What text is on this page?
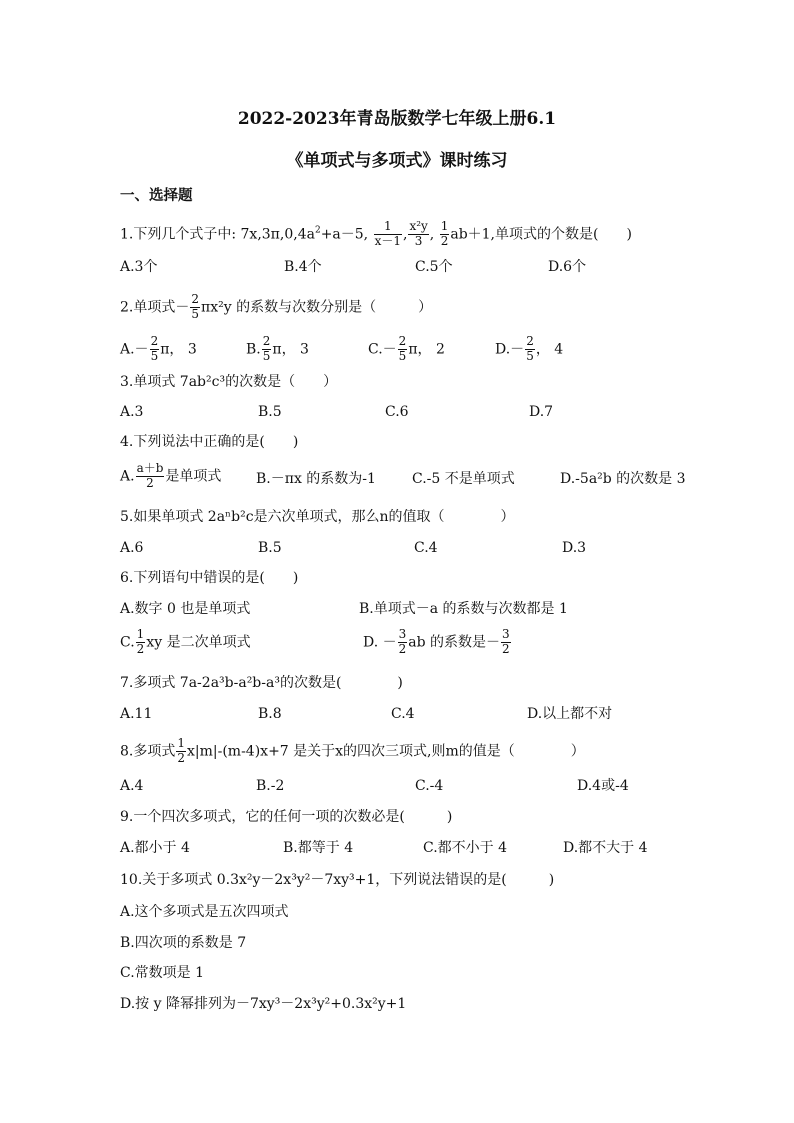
2022-2023年青岛版数学七年级上册6.1
《单项式与多项式》课时练习
一、选择题
1.下列几个式子中: $7x,3\pi,0,4a^2+a-5$, $\frac{1}{x-1}$ , $\frac{\text{x²y}}{3}$ , $\frac{1}{2} ab+1$,单项式的个数是(　　)
A.3个	B.4个	C.5个	D.6个
2.单项式－ $\frac{2}{5} \pi x^2y$ 的系数与次数分别是（　　　）
$A.- \frac{2}{5}$ π， 3	B. $\frac{2}{5}$ π， 3	$C.- \frac{2}{5}$ π， 2	$D.- \frac{2}{5}$ ， 4
3.单项式 7ab²c³的次数是（　　）
A.3	B.5	C.6	D.7
4.下列说法中正确的是(　　)
A. $\frac{a+b}{2}$ 是单项式 B.－πx 的系数为-1	C.-5 不是单项式	D.-5a²b 的次数是 3
5.如果单项式 2aⁿb²c是六次单项式，那么n的值取（　　　　）
A.6	B.5	C.4	D.3
6.下列语句中错误的是(　　)
A.数字 0 也是单项式	B.单项式－a 的系数与次数都是 1
C. $\frac{1}{2}$ xy 是二次单项式	D. － $\frac{3}{2}$ ab 的系数是－ $\frac{3}{2}$
7.多项式 7a-2a³b-a²b-a³的次数是(　　　　)
A.11	B.8	C.4	D.以上都不对
8.多项式 $\frac{1}{2} x|m|-(m-4)x+7$ 是关于x的四次三项式,则m的值是（　　　　）
A.4	B.-2	C.-4	D.4或-4
9.一个四次多项式，它的任何一项的次数必是(　　　)
A.都小于 4	B.都等于 4	C.都不小于 4	D.都不大于 4
10.关于多项式 0.3x²y－2x³y²－7xy³+1，下列说法错误的是(　　　)
A.这个多项式是五次四项式
B.四次项的系数是 7
C.常数项是 1
D.按 y 降幂排列为－7xy³－2x³y²+0.3x²y+1
